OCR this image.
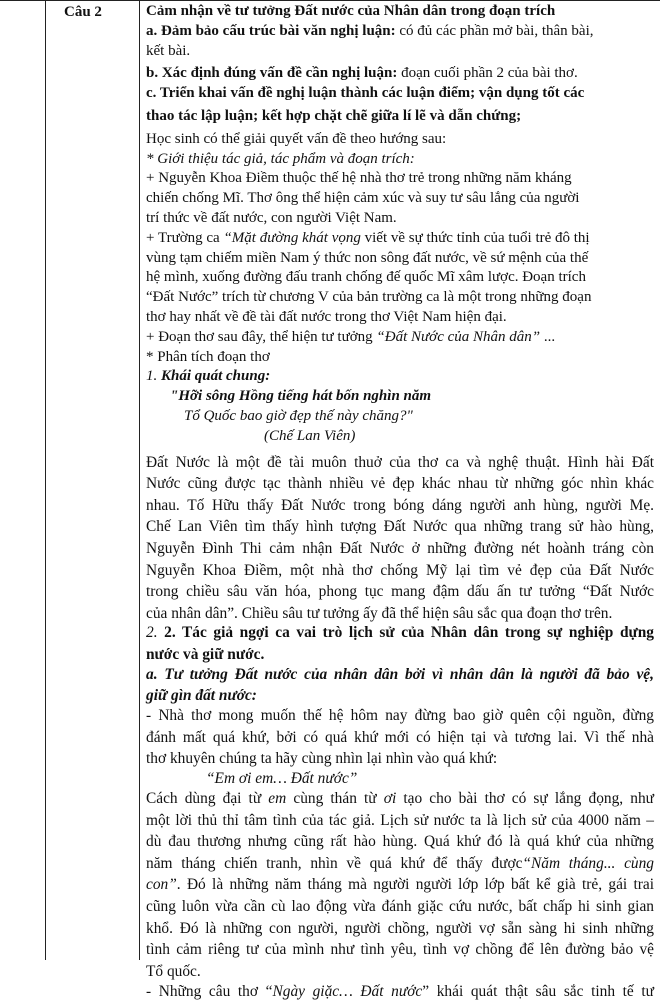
Câu 2	Cảm nhận về tư tưởng Đất nước của Nhân dân trong đoạn trích
a. Đảm bảo cấu trúc bài văn nghị luận: có đủ các phần mở bài, thân bài,
kết bài.
b. Xác định đúng vấn đề cần nghị luận: đoạn cuối phần 2 của bài thơ.
c. Triển khai vấn đề nghị luận thành các luận điểm; vận dụng tốt các
thao tác lập luận; kết hợp chặt chẽ giữa lí lẽ và dẫn chứng;
Học sinh có thể giải quyết vấn đề theo hướng sau:
* Giới thiệu tác giả, tác phẩm và đoạn trích:
+ Nguyễn Khoa Điềm thuộc thế hệ nhà thơ trẻ trong những năm kháng
chiến chống Mĩ. Thơ ông thể hiện cảm xúc và suy tư sâu lắng của người
trí thức về đất nước, con người Việt Nam.
+ Trường ca “Mặt đường khát vọng viết về sự thức tỉnh của tuổi trẻ đô thị
vùng tạm chiếm miền Nam ý thức non sông đất nước, về sứ mệnh của thế
hệ mình, xuống đường đấu tranh chống đế quốc Mĩ xâm lược. Đoạn trích
“Đất Nước” trích từ chương V của bản trường ca là một trong những đoạn
thơ hay nhất về đề tài đất nước trong thơ Việt Nam hiện đại.
+ Đoạn thơ sau đây, thể hiện tư tưởng “Đất Nước của Nhân dân” ...
* Phân tích đoạn thơ
1. Khái quát chung:
"Hỡi sông Hồng tiếng hát bốn nghìn năm
Tổ Quốc bao giờ đẹp thế này chăng?"
(Chế Lan Viên)
Đất Nước là một đề tài muôn thuở của thơ ca và nghệ thuật. Hình hài Đất
Nước cũng được tạc thành nhiều vẻ đẹp khác nhau từ những góc nhìn khác
nhau. Tố Hữu thấy Đất Nước trong bóng dáng người anh hùng, người Mẹ.
Chế Lan Viên tìm thấy hình tượng Đất Nước qua những trang sử hào hùng,
Nguyễn Đình Thi cảm nhận Đất Nước ở những đường nét hoành tráng còn
Nguyễn Khoa Điềm, một nhà thơ chống Mỹ lại tìm vẻ đẹp của Đất Nước
trong chiều sâu văn hóa, phong tục mang đậm dấu ấn tư tưởng “Đất Nước
của nhân dân”. Chiều sâu tư tưởng ấy đã thể hiện sâu sắc qua đoạn thơ trên.
2. 2. Tác giả ngợi ca vai trò lịch sử của Nhân dân trong sự nghiệp dựng
nước và giữ nước.
a. Tư tưởng Đất nước của nhân dân bởi vì nhân dân là người đã bảo vệ,
giữ gìn đất nước:
- Nhà thơ mong muốn thế hệ hôm nay đừng bao giờ quên cội nguồn, đừng
đánh mất quá khứ, bởi có quá khứ mới có hiện tại và tương lai. Vì thế nhà
thơ khuyên chúng ta hãy cùng nhìn lại nhìn vào quá khứ:
“Em ơi em… Đất nước”
Cách dùng đại từ em cùng thán từ ơi tạo cho bài thơ có sự lắng đọng, như
một lời thủ thỉ tâm tình của tác giả. Lịch sử nước ta là lịch sử của 4000 năm –
dù đau thương nhưng cũng rất hào hùng. Quá khứ đó là quá khứ của những
năm tháng chiến tranh, nhìn về quá khứ để thấy được“Năm tháng... cùng
con”. Đó là những năm tháng mà người người lớp lớp bất kể già trẻ, gái trai
cũng luôn vừa cần cù lao động vừa đánh giặc cứu nước, bất chấp hi sinh gian
khổ. Đó là những con người, người chồng, người vợ sẵn sàng hi sinh những
tình cảm riêng tư của mình như tình yêu, tình vợ chồng để lên đường bảo vệ
Tổ quốc.
- Những câu thơ “Ngày giặc… Đất nước” khái quát thật sâu sắc tinh tế tư
